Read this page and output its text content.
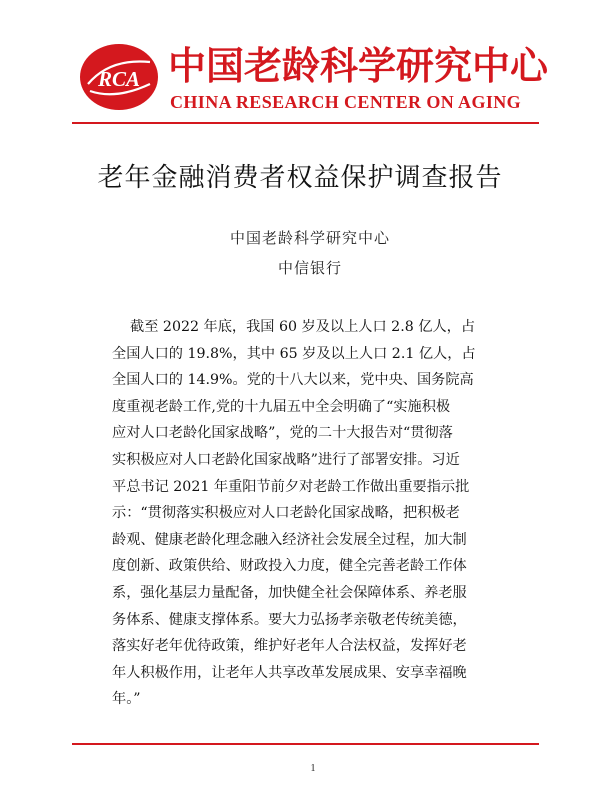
RCA 中国老龄科学研究中心
CHINA RESEARCH CENTER ON AGING
老年金融消费者权益保护调查报告
中国老龄科学研究中心
中信银行
截至 2022 年底，我国 60 岁及以上人口 2.8 亿人，占
全国人口的 19.8%，其中 65 岁及以上人口 2.1 亿人，占
全国人口的 14.9%。党的十八大以来，党中央、国务院高
度重视老龄工作,党的十九届五中全会明确了“实施积极
应对人口老龄化国家战略”，党的二十大报告对“贯彻落
实积极应对人口老龄化国家战略”进行了部署安排。习近
平总书记 2021 年重阳节前夕对老龄工作做出重要指示批
示：“贯彻落实积极应对人口老龄化国家战略，把积极老
龄观、健康老龄化理念融入经济社会发展全过程，加大制
度创新、政策供给、财政投入力度，健全完善老龄工作体
系，强化基层力量配备，加快健全社会保障体系、养老服
务体系、健康支撑体系。要大力弘扬孝亲敬老传统美德，
落实好老年优待政策，维护好老年人合法权益，发挥好老
年人积极作用，让老年人共享改革发展成果、安享幸福晚
年。”
1
